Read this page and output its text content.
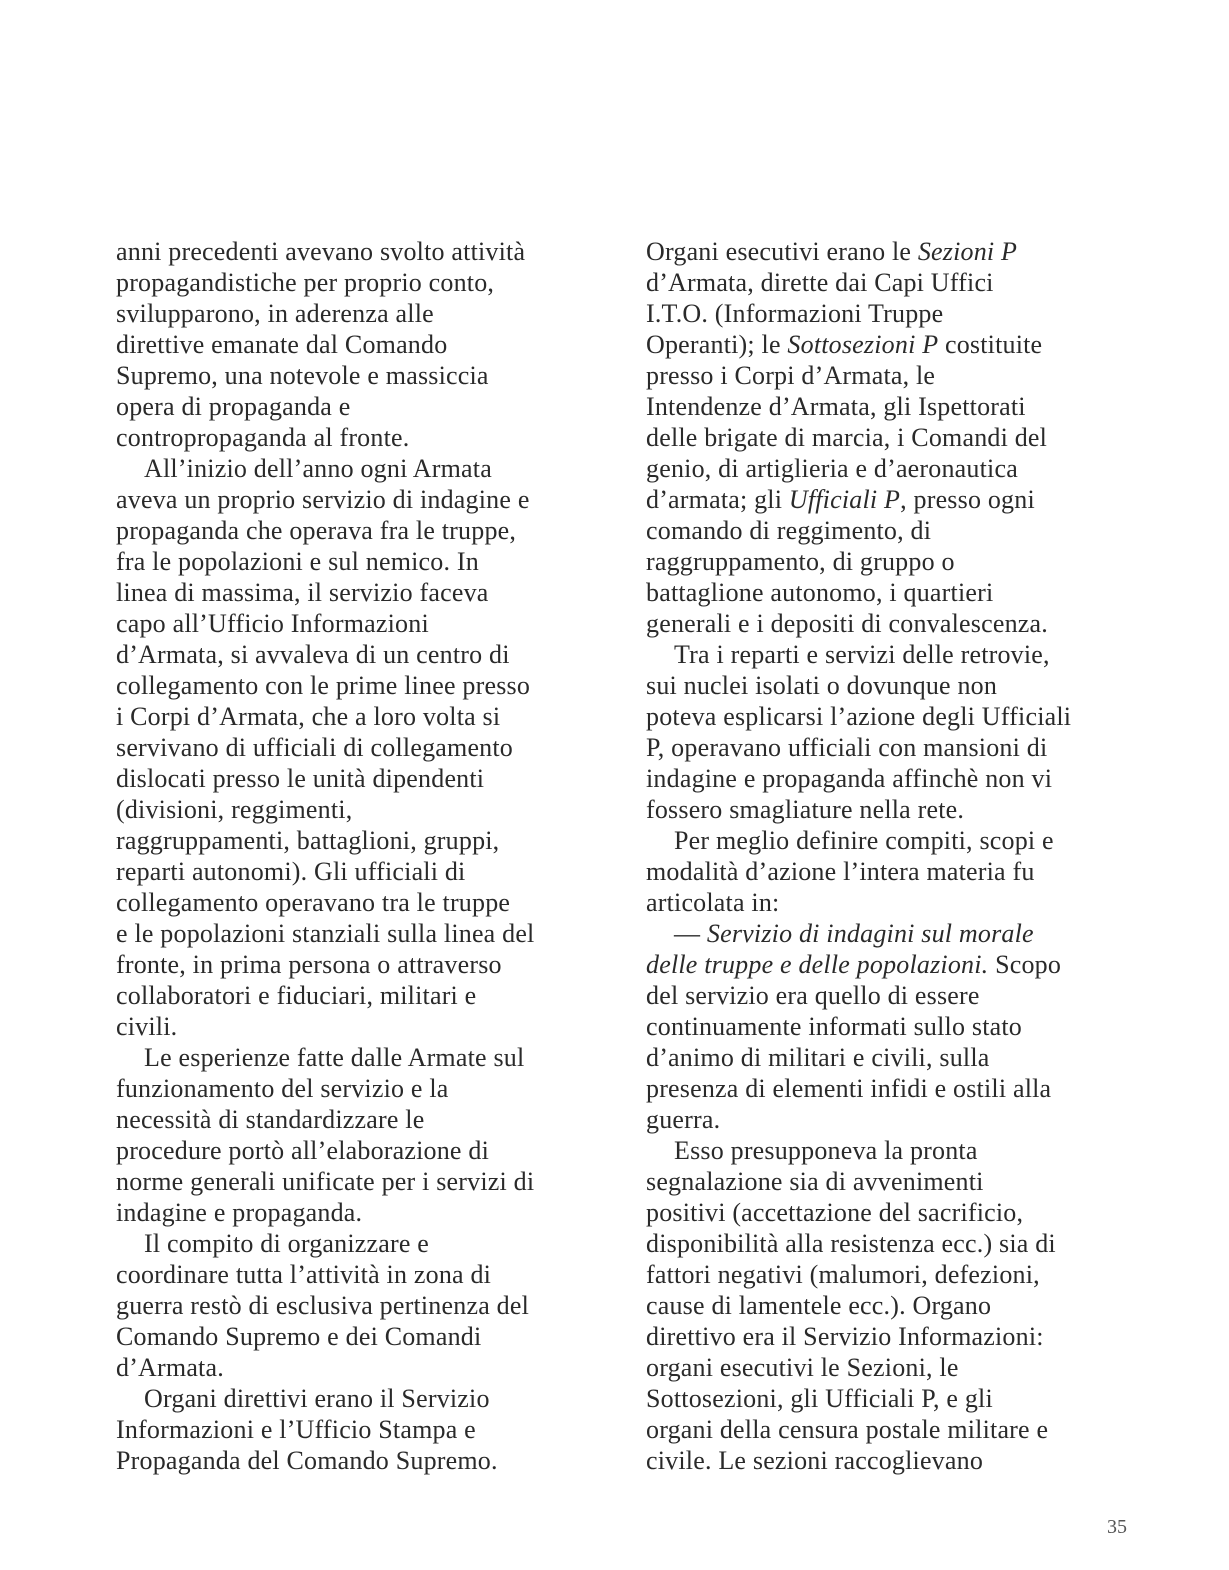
anni precedenti avevano svolto attività
propagandistiche per proprio conto,
svilupparono, in aderenza alle
direttive emanate dal Comando
Supremo, una notevole e massiccia
opera di propaganda e
contropropaganda al fronte.
All’inizio dell’anno ogni Armata
aveva un proprio servizio di indagine e
propaganda che operava fra le truppe,
fra le popolazioni e sul nemico. In
linea di massima, il servizio faceva
capo all’Ufficio Informazioni
d’Armata, si avvaleva di un centro di
collegamento con le prime linee presso
i Corpi d’Armata, che a loro volta si
servivano di ufficiali di collegamento
dislocati presso le unità dipendenti
(divisioni, reggimenti,
raggruppamenti, battaglioni, gruppi,
reparti autonomi). Gli ufficiali di
collegamento operavano tra le truppe
e le popolazioni stanziali sulla linea del
fronte, in prima persona o attraverso
collaboratori e fiduciari, militari e
civili.
Le esperienze fatte dalle Armate sul
funzionamento del servizio e la
necessità di standardizzare le
procedure portò all’elaborazione di
norme generali unificate per i servizi di
indagine e propaganda.
Il compito di organizzare e
coordinare tutta l’attività in zona di
guerra restò di esclusiva pertinenza del
Comando Supremo e dei Comandi
d’Armata.
Organi direttivi erano il Servizio
Informazioni e l’Ufficio Stampa e
Propaganda del Comando Supremo.
Organi esecutivi erano le Sezioni P
d’Armata, dirette dai Capi Uffici
I.T.O. (Informazioni Truppe
Operanti); le Sottosezioni P costituite
presso i Corpi d’Armata, le
Intendenze d’Armata, gli Ispettorati
delle brigate di marcia, i Comandi del
genio, di artiglieria e d’aeronautica
d’armata; gli Ufficiali P, presso ogni
comando di reggimento, di
raggruppamento, di gruppo o
battaglione autonomo, i quartieri
generali e i depositi di convalescenza.
Tra i reparti e servizi delle retrovie,
sui nuclei isolati o dovunque non
poteva esplicarsi l’azione degli Ufficiali
P, operavano ufficiali con mansioni di
indagine e propaganda affinchè non vi
fossero smagliature nella rete.
Per meglio definire compiti, scopi e
modalità d’azione l’intera materia fu
articolata in:
— Servizio di indagini sul morale
delle truppe e delle popolazioni. Scopo
del servizio era quello di essere
continuamente informati sullo stato
d’animo di militari e civili, sulla
presenza di elementi infidi e ostili alla
guerra.
Esso presupponeva la pronta
segnalazione sia di avvenimenti
positivi (accettazione del sacrificio,
disponibilità alla resistenza ecc.) sia di
fattori negativi (malumori, defezioni,
cause di lamentele ecc.). Organo
direttivo era il Servizio Informazioni:
organi esecutivi le Sezioni, le
Sottosezioni, gli Ufficiali P, e gli
organi della censura postale militare e
civile. Le sezioni raccoglievano
35
